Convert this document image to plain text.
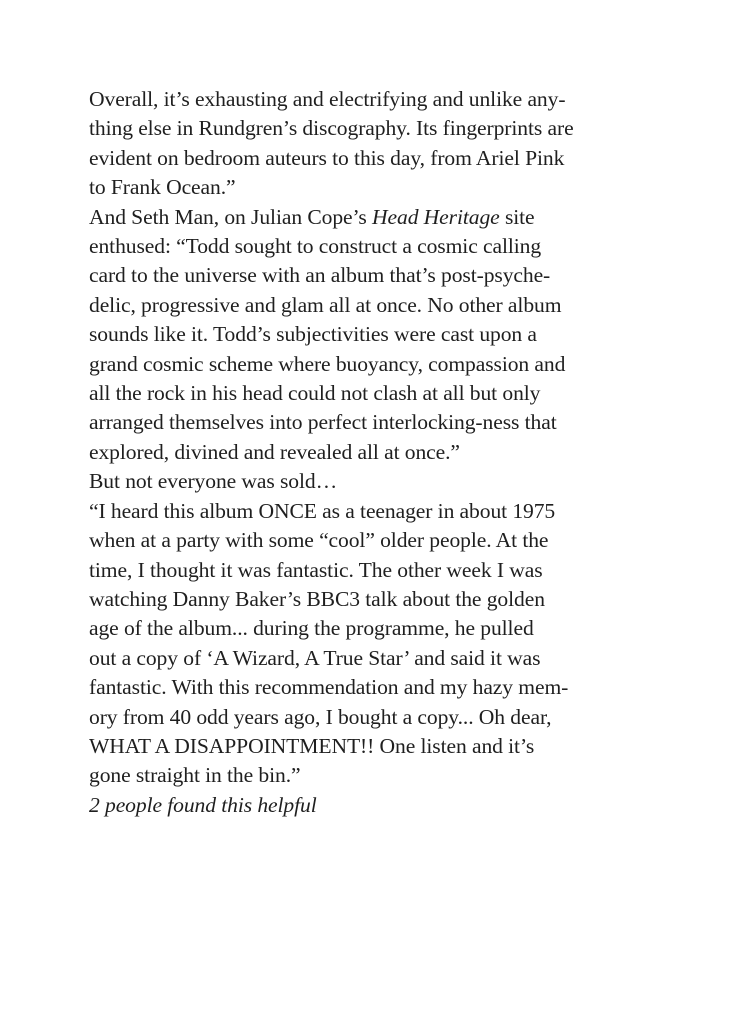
Overall, it’s exhausting and electrifying and unlike any-
thing else in Rundgren’s discography. Its fingerprints are
evident on bedroom auteurs to this day, from Ariel Pink
to Frank Ocean.”

And Seth Man, on Julian Cope’s Head Heritage site
enthused: “Todd sought to construct a cosmic calling
card to the universe with an album that’s post-psyche-
delic, progressive and glam all at once. No other album
sounds like it. Todd’s subjectivities were cast upon a
grand cosmic scheme where buoyancy, compassion and
all the rock in his head could not clash at all but only
arranged themselves into perfect interlocking-ness that
explored, divined and revealed all at once.”

But not everyone was sold…

“I heard this album ONCE as a teenager in about 1975
when at a party with some “cool” older people. At the
time, I thought it was fantastic. The other week I was
watching Danny Baker’s BBC3 talk about the golden
age of the album... during the programme, he pulled
out a copy of ‘A Wizard, A True Star’ and said it was
fantastic. With this recommendation and my hazy mem-
ory from 40 odd years ago, I bought a copy... Oh dear,
WHAT A DISAPPOINTMENT!! One listen and it’s
gone straight in the bin.”

2 people found this helpful
